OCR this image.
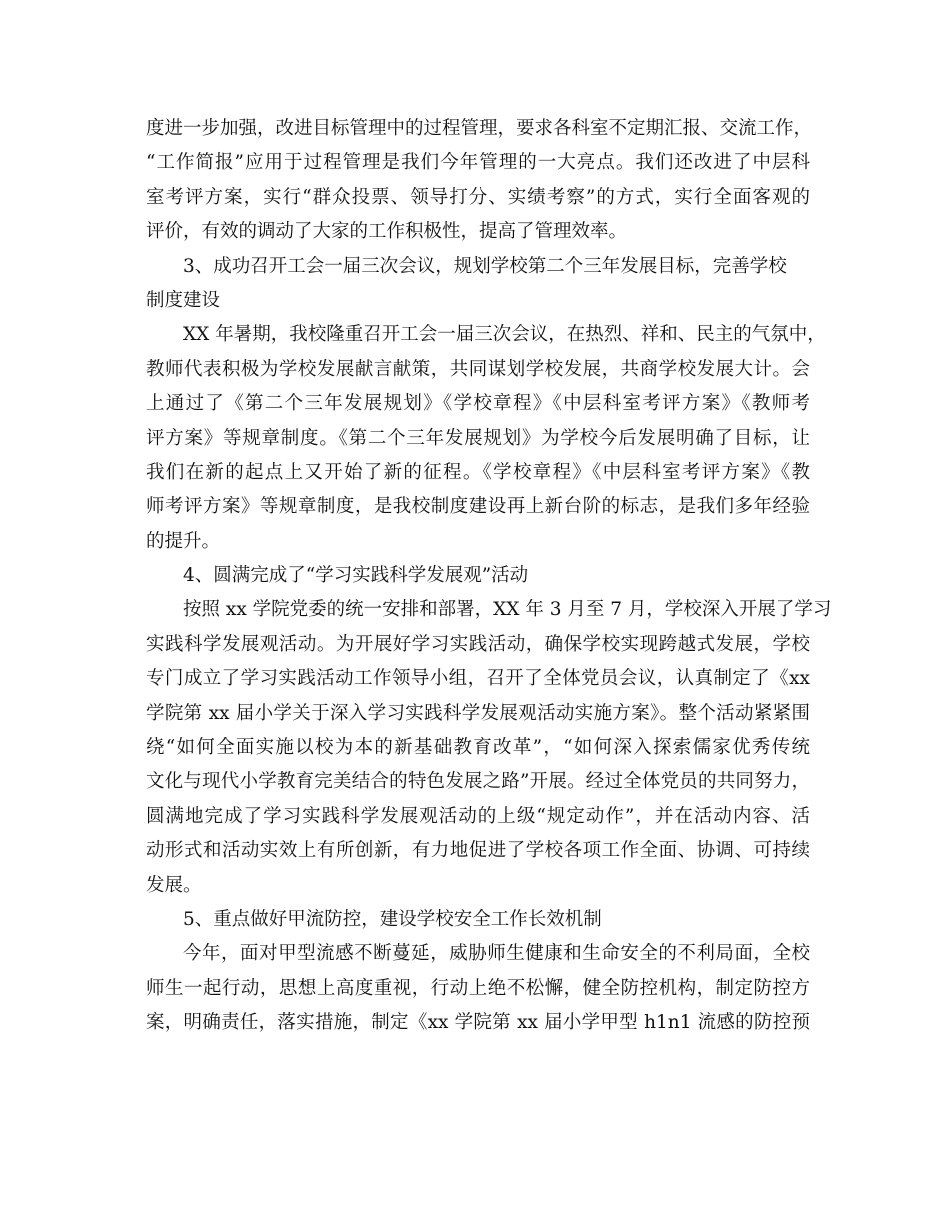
度进一步加强，改进目标管理中的过程管理，要求各科室不定期汇报、交流工作，
“工作简报”应用于过程管理是我们今年管理的一大亮点。我们还改进了中层科
室考评方案，实行“群众投票、领导打分、实绩考察”的方式，实行全面客观的
评价，有效的调动了大家的工作积极性，提高了管理效率。
3、成功召开工会一届三次会议，规划学校第二个三年发展目标，完善学校
制度建设
XX 年暑期，我校隆重召开工会一届三次会议，在热烈、祥和、民主的气氛中，
教师代表积极为学校发展献言献策，共同谋划学校发展，共商学校发展大计。会
上通过了《第二个三年发展规划》《学校章程》《中层科室考评方案》《教师考
评方案》等规章制度。《第二个三年发展规划》为学校今后发展明确了目标，让
我们在新的起点上又开始了新的征程。《学校章程》《中层科室考评方案》《教
师考评方案》等规章制度，是我校制度建设再上新台阶的标志，是我们多年经验
的提升。
4、圆满完成了“学习实践科学发展观”活动
按照 xx 学院党委的统一安排和部署，XX 年 3 月至 7 月，学校深入开展了学习
实践科学发展观活动。为开展好学习实践活动，确保学校实现跨越式发展，学校
专门成立了学习实践活动工作领导小组，召开了全体党员会议，认真制定了《xx
学院第 xx 届小学关于深入学习实践科学发展观活动实施方案》。整个活动紧紧围
绕“如何全面实施以校为本的新基础教育改革”，“如何深入探索儒家优秀传统
文化与现代小学教育完美结合的特色发展之路”开展。经过全体党员的共同努力，
圆满地完成了学习实践科学发展观活动的上级“规定动作”，并在活动内容、活
动形式和活动实效上有所创新，有力地促进了学校各项工作全面、协调、可持续
发展。
5、重点做好甲流防控，建设学校安全工作长效机制
今年，面对甲型流感不断蔓延，威胁师生健康和生命安全的不利局面，全校
师生一起行动，思想上高度重视，行动上绝不松懈，健全防控机构，制定防控方
案，明确责任，落实措施，制定《xx 学院第 xx 届小学甲型 h1n1 流感的防控预
